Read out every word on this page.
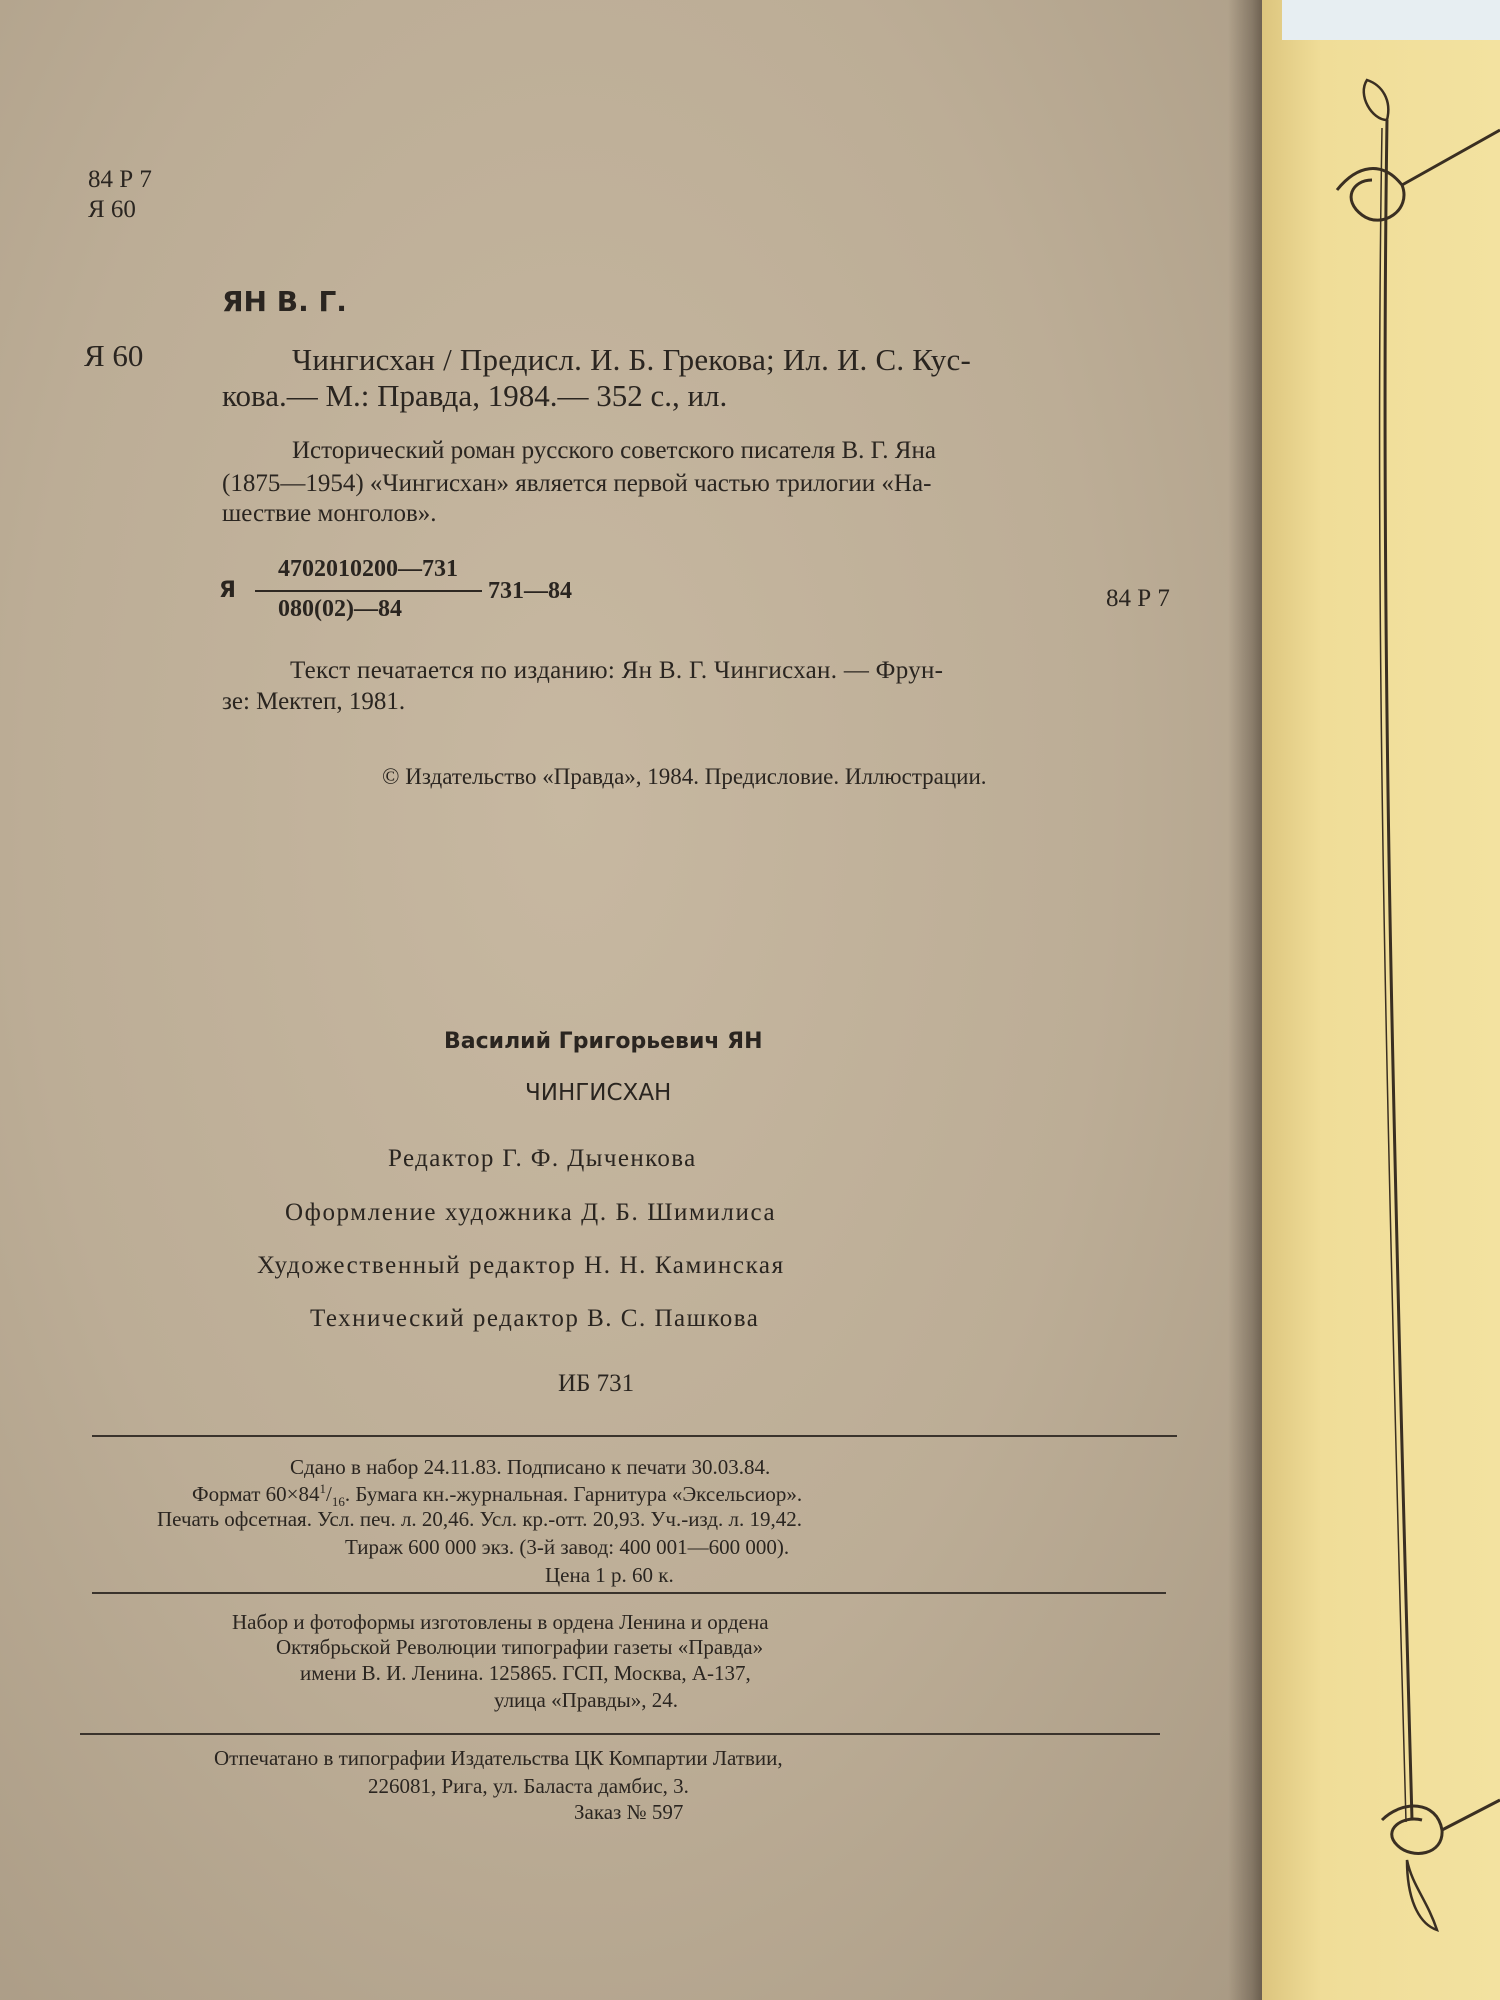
84 Р 7
Я 60
ЯН В. Г.
Я 60	Чингисхан / Предисл. И. Б. Грекова; Ил. И. С. Кус-
кова.— М.: Правда, 1984.— 352 с., ил.
Исторический роман русского советского писателя В. Г. Яна
(1875—1954) «Чингисхан» является первой частью трилогии «На-
шествие монголов».
Я
4702010200—731
080(02)—84
731—84	84 Р 7
Текст печатается по изданию: Ян В. Г. Чингисхан. — Фрун-
зе: Мектеп, 1981.
© Издательство «Правда», 1984. Предисловие. Иллюстрации.
Василий Григорьевич ЯН
ЧИНГИСХАН
Редактор Г. Ф. Дыченкова
Оформление художника Д. Б. Шимилиса
Художественный редактор Н. Н. Каминская
Технический редактор В. С. Пашкова
ИБ 731
Сдано в набор 24.11.83. Подписано к печати 30.03.84.
Формат $60\times 84^1/_{16}$. Бумага кн.-журнальная. Гарнитура «Эксельсиор».
Печать офсетная. Усл. печ. л. 20,46. Усл. кр.-отт. 20,93. Уч.-изд. л. 19,42.
Тираж 600 000 экз. (3-й завод: 400 001—600 000).
Цена 1 р. 60 к.
Набор и фотоформы изготовлены в ордена Ленина и ордена
Октябрьской Революции типографии газеты «Правда»
имени В. И. Ленина. 125865. ГСП, Москва, А-137,
улица «Правды», 24.
Отпечатано в типографии Издательства ЦК Компартии Латвии,
226081, Рига, ул. Баласта дамбис, 3.
Заказ № 597
